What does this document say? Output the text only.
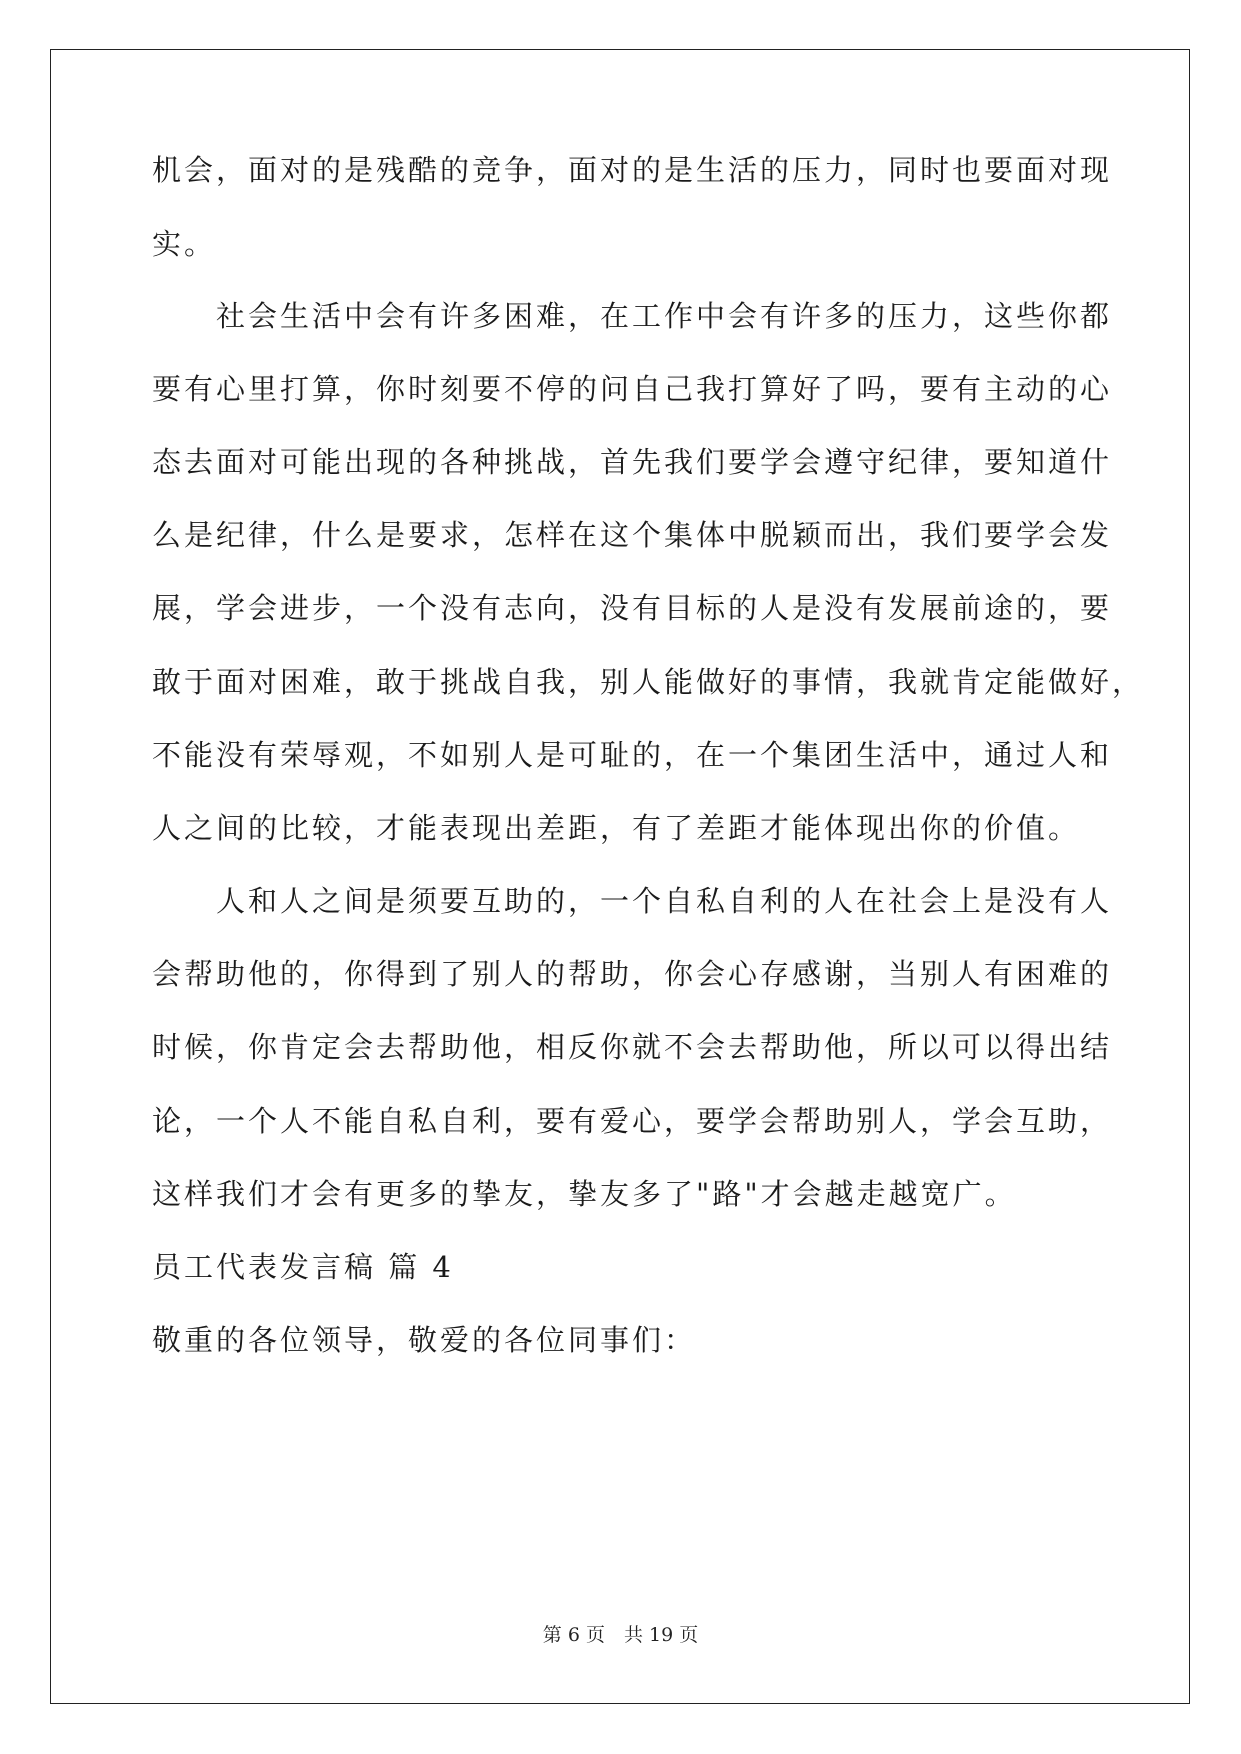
机会，面对的是残酷的竞争，面对的是生活的压力，同时也要面对现
实。
　　社会生活中会有许多困难，在工作中会有许多的压力，这些你都
要有心里打算，你时刻要不停的问自己我打算好了吗，要有主动的心
态去面对可能出现的各种挑战，首先我们要学会遵守纪律，要知道什
么是纪律，什么是要求，怎样在这个集体中脱颖而出，我们要学会发
展，学会进步，一个没有志向，没有目标的人是没有发展前途的，要
敢于面对困难，敢于挑战自我，别人能做好的事情，我就肯定能做好，
不能没有荣辱观，不如别人是可耻的，在一个集团生活中，通过人和
人之间的比较，才能表现出差距，有了差距才能体现出你的价值。
　　人和人之间是须要互助的，一个自私自利的人在社会上是没有人
会帮助他的，你得到了别人的帮助，你会心存感谢，当别人有困难的
时候，你肯定会去帮助他，相反你就不会去帮助他，所以可以得出结
论，一个人不能自私自利，要有爱心，要学会帮助别人，学会互助，
这样我们才会有更多的挚友，挚友多了"路"才会越走越宽广。
员工代表发言稿 篇 4
敬重的各位领导，敬爱的各位同事们：
第 6 页　共 19 页
